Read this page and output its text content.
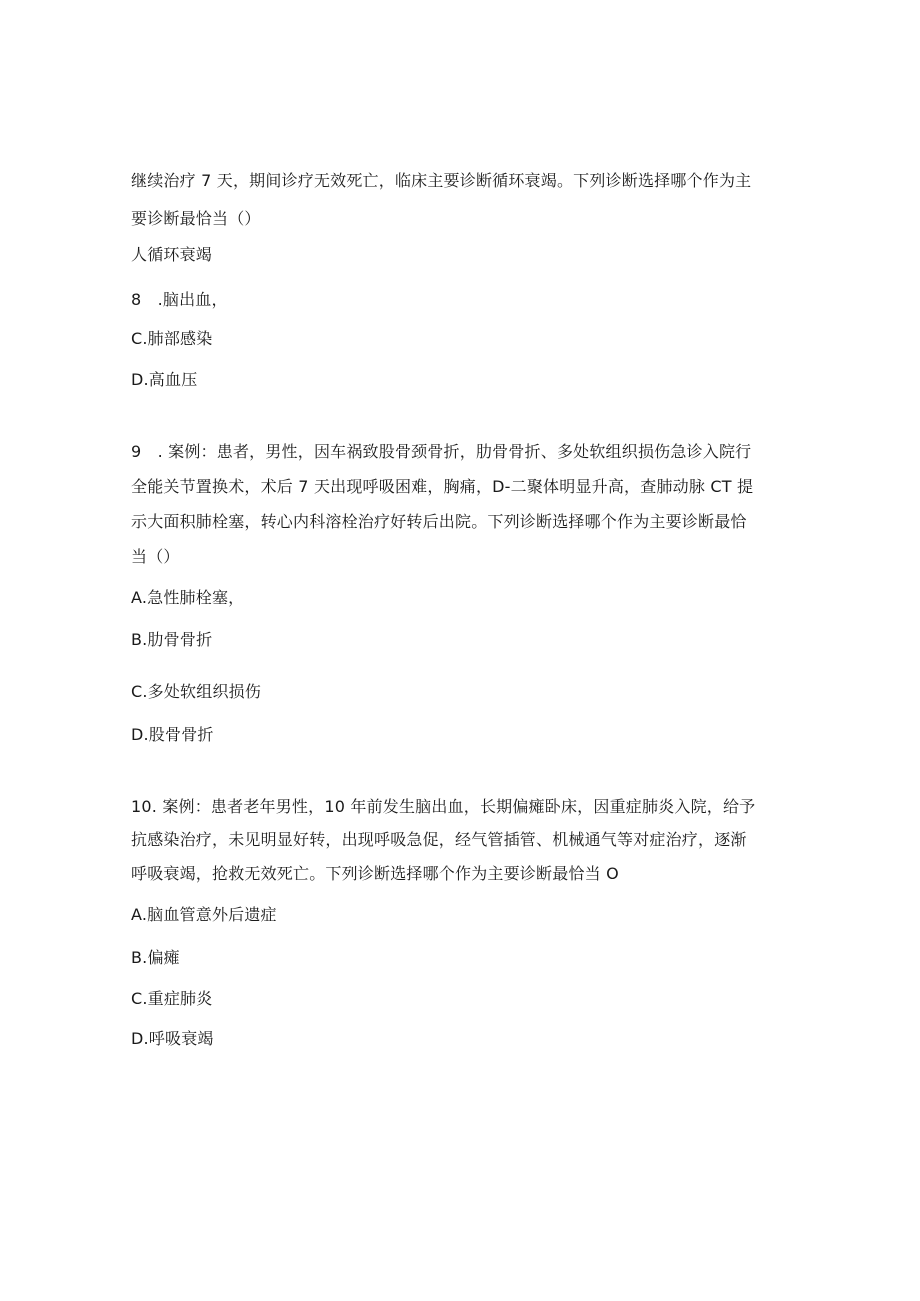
继续治疗 7 天，期间诊疗无效死亡，临床主要诊断循环衰竭。下列诊断选择哪个作为主
要诊断最恰当（）
人循环衰竭
8　.脑出血，
C.肺部感染
D.高血压
9　. 案例：患者，男性，因车祸致股骨颈骨折，肋骨骨折、多处软组织损伤急诊入院行
全能关节置换术，术后 7 天出现呼吸困难，胸痛，D-二聚体明显升高，查肺动脉 CT 提
示大面积肺栓塞，转心内科溶栓治疗好转后出院。下列诊断选择哪个作为主要诊断最恰
当（）
A.急性肺栓塞，
B.肋骨骨折
C.多处软组织损伤
D.股骨骨折
10. 案例：患者老年男性，10 年前发生脑出血，长期偏瘫卧床，因重症肺炎入院，给予
抗感染治疗，未见明显好转，出现呼吸急促，经气管插管、机械通气等对症治疗，逐渐
呼吸衰竭，抢救无效死亡。下列诊断选择哪个作为主要诊断最恰当 O
A.脑血管意外后遗症
B.偏瘫
C.重症肺炎
D.呼吸衰竭
